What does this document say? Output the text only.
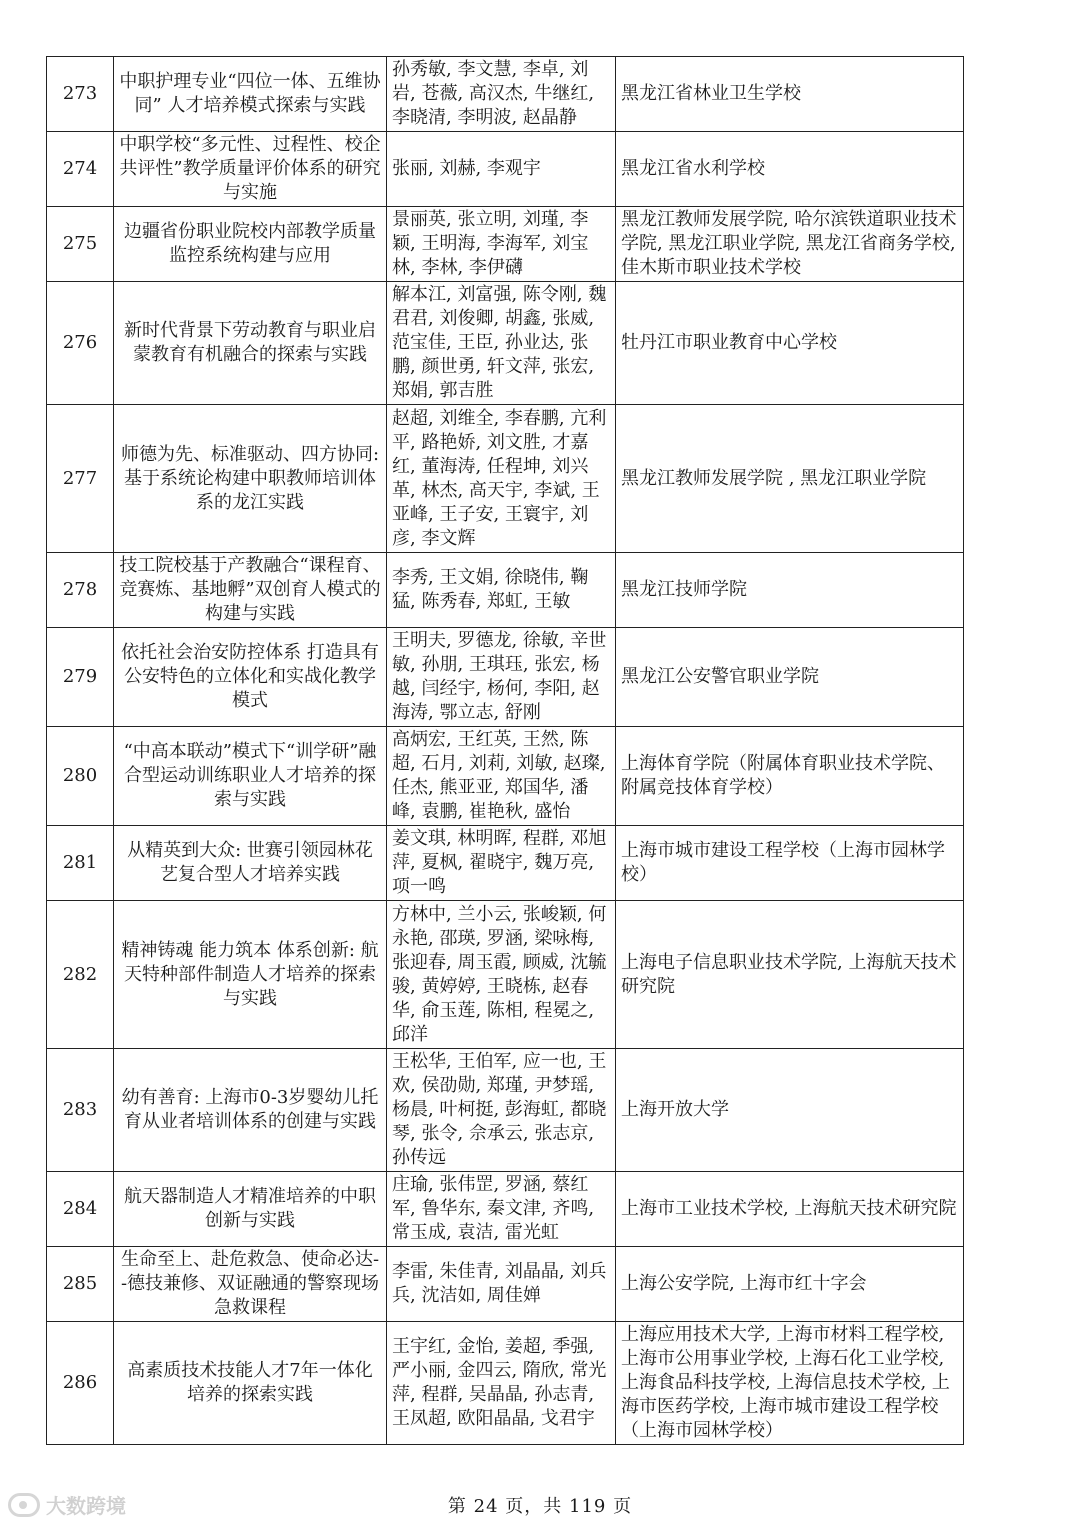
273	中职护理专业“四位一体、五维协同” 人才培养模式探索与实践	孙秀敏, 李文慧, 李卓, 刘岩, 苍薇, 高汉杰, 牛继红, 李晓清, 李明波, 赵晶静	黑龙江省林业卫生学校
274	中职学校“多元性、过程性、校企共评性”教学质量评价体系的研究与实施	张丽, 刘赫, 李观宇	黑龙江省水利学校
275	边疆省份职业院校内部教学质量监控系统构建与应用	景丽英, 张立明, 刘瑾, 李颖, 王明海, 李海军, 刘宝林, 李林, 李伊礴	黑龙江教师发展学院, 哈尔滨铁道职业技术学院, 黑龙江职业学院, 黑龙江省商务学校, 佳木斯市职业技术学校
276	新时代背景下劳动教育与职业启蒙教育有机融合的探索与实践	解本江, 刘富强, 陈令刚, 魏君君, 刘俊卿, 胡鑫, 张威, 范宝佳, 王臣, 孙业达, 张鹏, 颜世勇, 轩文萍, 张宏, 郑娟, 郭吉胜	牡丹江市职业教育中心学校
277	师德为先、标准驱动、四方协同: 基于系统论构建中职教师培训体系的龙江实践	赵超, 刘维全, 李春鹏, 亢利平, 路艳娇, 刘文胜, 才嘉红, 董海涛, 任程坤, 刘兴革, 林杰, 高天宇, 李斌, 王亚峰, 王子安, 王寰宇, 刘彦, 李文辉	黑龙江教师发展学院 , 黑龙江职业学院
278	技工院校基于产教融合“课程育、竞赛炼、基地孵”双创育人模式的构建与实践	李秀, 王文娟, 徐晓伟, 鞠猛, 陈秀春, 郑虹, 王敏	黑龙江技师学院
279	依托社会治安防控体系 打造具有公安特色的立体化和实战化教学模式	王明夫, 罗德龙, 徐敏, 辛世敏, 孙朋, 王琪珏, 张宏, 杨越, 闫经宇, 杨何, 李阳, 赵海涛, 鄂立志, 舒刚	黑龙江公安警官职业学院
280	“中高本联动”模式下“训学研”融合型运动训练职业人才培养的探索与实践	高炳宏, 王红英, 王然, 陈超, 石月, 刘莉, 刘敏, 赵璨, 任杰, 熊亚亚, 郑国华, 潘峰, 袁鹏, 崔艳秋, 盛怡	上海体育学院（附属体育职业技术学院、附属竞技体育学校）
281	从精英到大众: 世赛引领园林花艺复合型人才培养实践	姜文琪, 林明晖, 程群, 邓旭萍, 夏枫, 翟晓宇, 魏万亮, 项一鸣	上海市城市建设工程学校（上海市园林学校）
282	精神铸魂 能力筑本 体系创新: 航天特种部件制造人才培养的探索与实践	方林中, 兰小云, 张峻颖, 何永艳, 邵瑛, 罗涵, 梁咏梅, 张迎春, 周玉霞, 顾威, 沈毓骏, 黄婷婷, 王晓栋, 赵春华, 俞玉莲, 陈相, 程冕之, 邱洋	上海电子信息职业技术学院, 上海航天技术研究院
283	幼有善育: 上海市0-3岁婴幼儿托育从业者培训体系的创建与实践	王松华, 王伯军, 应一也, 王欢, 侯劭勋, 郑瑾, 尹梦瑶, 杨晨, 叶柯挺, 彭海虹, 都晓琴, 张令, 佘承云, 张志京, 孙传远	上海开放大学
284	航天器制造人才精准培养的中职创新与实践	庄瑜, 张伟罡, 罗涵, 蔡红军, 鲁华东, 秦文津, 齐鸣, 常玉成, 袁洁, 雷光虹	上海市工业技术学校, 上海航天技术研究院
285	生命至上、赴危救急、使命必达--德技兼修、双证融通的警察现场急救课程	李雷, 朱佳青, 刘晶晶, 刘兵兵, 沈洁如, 周佳婵	上海公安学院, 上海市红十字会
286	高素质技术技能人才7年一体化培养的探索实践	王宇红, 金怡, 姜超, 季强, 严小丽, 金四云, 隋欣, 常光萍, 程群, 吴晶晶, 孙志青, 王凤超, 欧阳晶晶, 戈君宇	上海应用技术大学, 上海市材料工程学校, 上海市公用事业学校, 上海石化工业学校, 上海食品科技学校, 上海信息技术学校, 上海市医药学校, 上海市城市建设工程学校（上海市园林学校）
第 24 页，共 119 页
大数跨境
